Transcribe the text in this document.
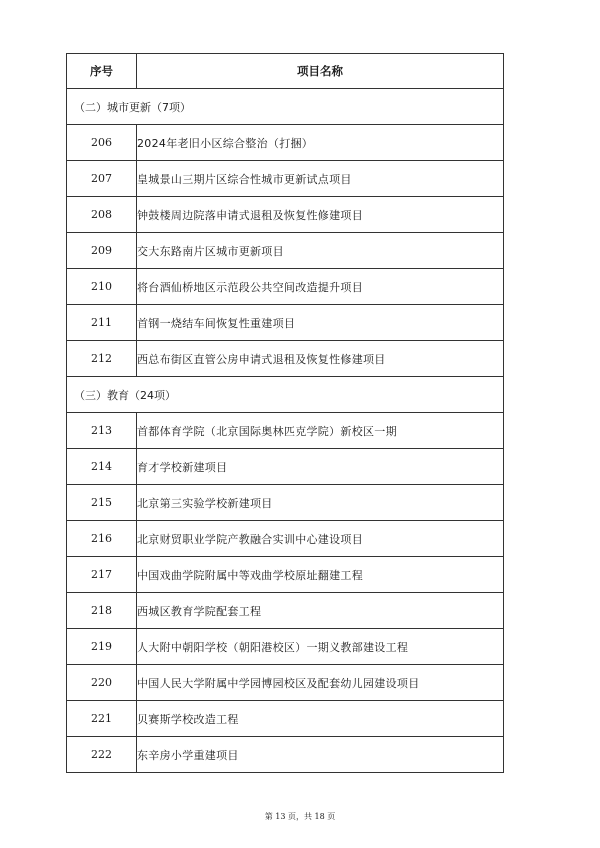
序号	项目名称
（二）城市更新（7项）	
206	2024年老旧小区综合整治（打捆）
207	皇城景山三期片区综合性城市更新试点项目
208	钟鼓楼周边院落申请式退租及恢复性修建项目
209	交大东路南片区城市更新项目
210	将台酒仙桥地区示范段公共空间改造提升项目
211	首钢一烧结车间恢复性重建项目
212	西总布街区直管公房申请式退租及恢复性修建项目
（三）教育（24项）	
213	首都体育学院（北京国际奥林匹克学院）新校区一期
214	育才学校新建项目
215	北京第三实验学校新建项目
216	北京财贸职业学院产教融合实训中心建设项目
217	中国戏曲学院附属中等戏曲学校原址翻建工程
218	西城区教育学院配套工程
219	人大附中朝阳学校（朝阳港校区）一期义教部建设工程
220	中国人民大学附属中学园博园校区及配套幼儿园建设项目
221	贝赛斯学校改造工程
222	东辛房小学重建项目
第 13 页，共 18 页
